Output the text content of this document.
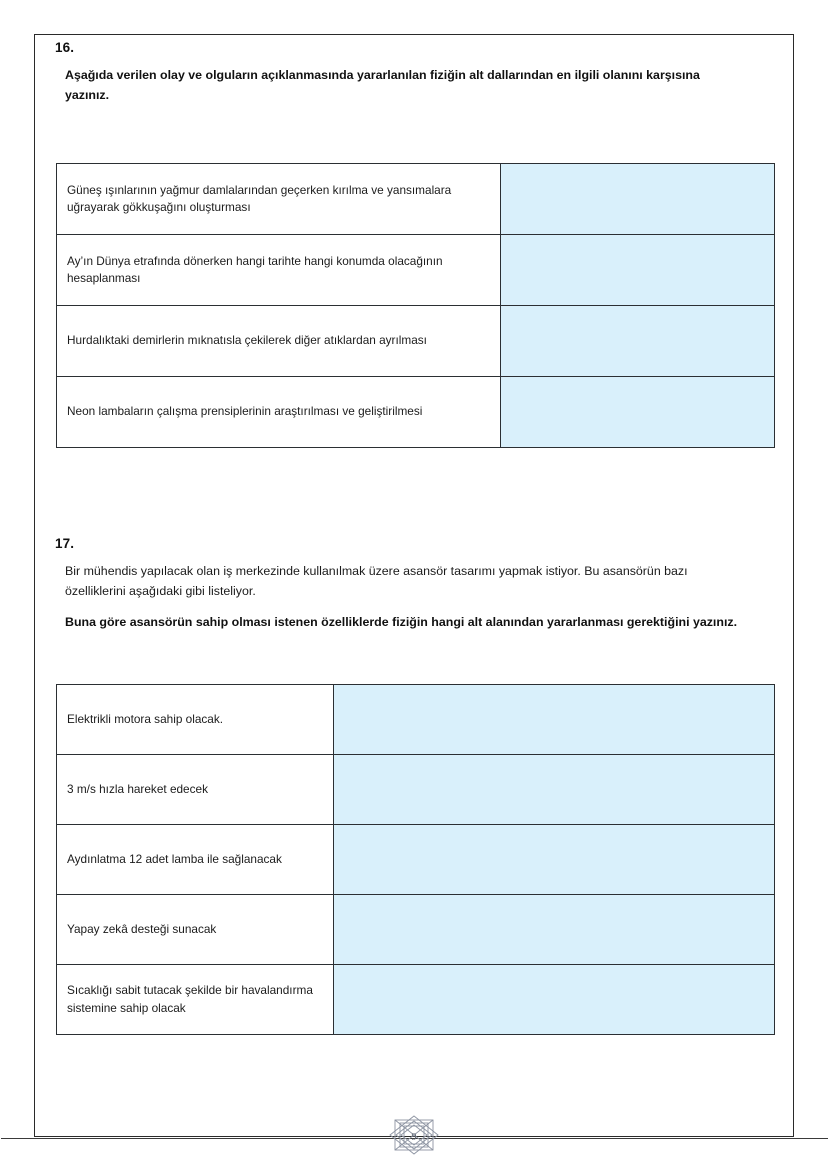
16.
Aşağıda verilen olay ve olguların açıklanmasında yararlanılan fiziğin alt dallarından en ilgili olanını karşısına
yazınız.
Güneş ışınlarının yağmur damlalarından geçerken kırılma ve yansımalara uğrayarak gökkuşağını oluşturması	
Ay’ın Dünya etrafında dönerken hangi tarihte hangi konumda olacağının hesaplanması	
Hurdalıktaki demirlerin mıknatısla çekilerek diğer atıklardan ayrılması	
Neon lambaların çalışma prensiplerinin araştırılması ve geliştirilmesi	
17.
Bir mühendis yapılacak olan iş merkezinde kullanılmak üzere asansör tasarımı yapmak istiyor. Bu asansörün bazı
özelliklerini aşağıdaki gibi listeliyor.
Buna göre asansörün sahip olması istenen özelliklerde fiziğin hangi alt alanından yararlanması gerektiğini yazınız.
Elektrikli motora sahip olacak.	
3 m/s hızla hareket edecek	
Aydınlatma 12 adet lamba ile sağlanacak	
Yapay zekâ desteği sunacak	
Sıcaklığı sabit tutacak şekilde bir havalandırma sistemine sahip olacak	
9
